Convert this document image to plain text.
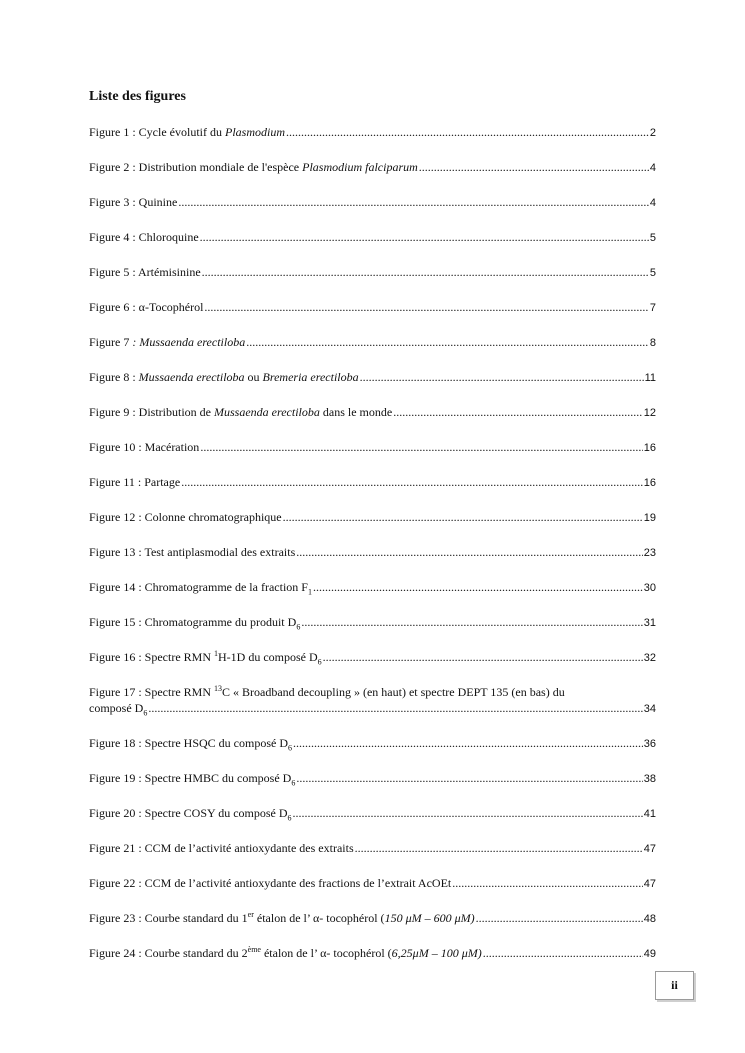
Liste des figures
Figure 1 : Cycle évolutif du Plasmodium .....	2
Figure 2 : Distribution mondiale de l'espèce Plasmodium falciparum .....	4
Figure 3 : Quinine .....	4
Figure 4 : Chloroquine .....	5
Figure 5 : Artémisinine .....	5
Figure 6 : α-Tocophérol .....	7
Figure 7 : Mussaenda erectiloba .....	8
Figure 8 : Mussaenda erectiloba ou Bremeria erectiloba .....	11
Figure 9 : Distribution de Mussaenda erectiloba dans le monde .....	12
Figure 10 : Macération .....	16
Figure 11 : Partage .....	16
Figure 12 : Colonne chromatographique .....	19
Figure 13 : Test antiplasmodial des extraits .....	23
Figure 14 : Chromatogramme de la fraction $F_1$ .....	30
Figure 15 : Chromatogramme du produit $D_6$ .....	31
Figure 16 : Spectre RMN $^1$H-1D du composé $D_6$ .....	32
Figure 17 : Spectre RMN $^{13}$C « Broadband decoupling » (en haut) et spectre DEPT 135 (en bas) du
composé $D_6$ .....	34
Figure 18 : Spectre HSQC du composé $D_6$ .....	36
Figure 19 : Spectre HMBC du composé $D_6$ .....	38
Figure 20 : Spectre COSY du composé $D_6$ .....	41
Figure 21 : CCM de l’activité antioxydante des extraits .....	47
Figure 22 : CCM de l’activité antioxydante des fractions de l’extrait AcOEt .....	47
Figure 23 : Courbe standard du 1er étalon de l’ α- tocophérol (150 μM – 600 μM) .....	48
Figure 24 : Courbe standard du 2ème étalon de l’ α- tocophérol (6,25μM – 100 μM) .....	49
ii
